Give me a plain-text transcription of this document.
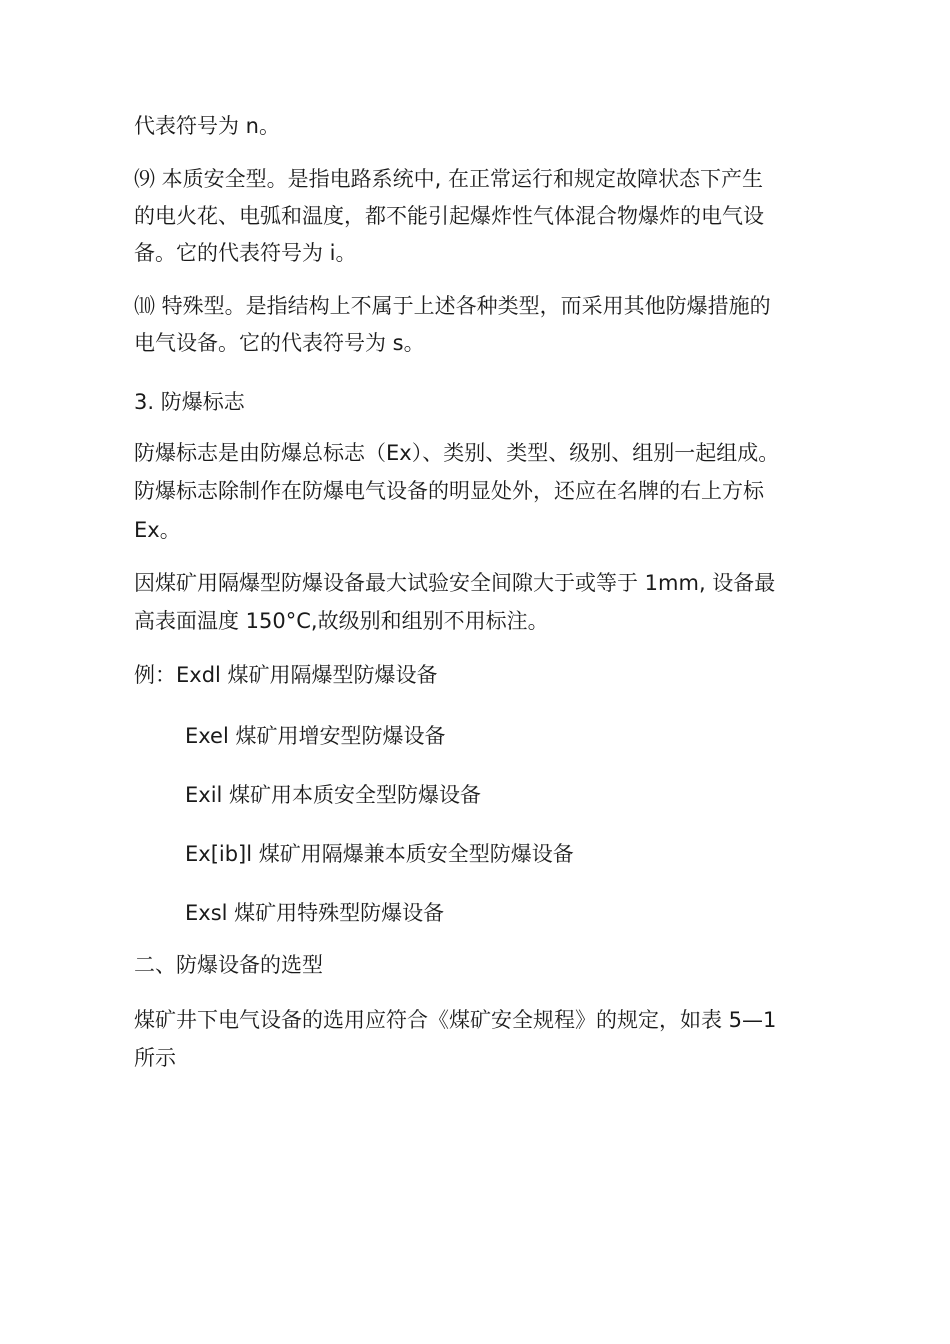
代表符号为 n。
⑼ 本质安全型。是指电路系统中, 在正常运行和规定故障状态下产生
的电火花、电弧和温度，都不能引起爆炸性气体混合物爆炸的电气设
备。它的代表符号为 i。
⑽ 特殊型。是指结构上不属于上述各种类型，而采用其他防爆措施的
电气设备。它的代表符号为 s。
3. 防爆标志
防爆标志是由防爆总标志（Ex）、类别、类型、级别、组别一起组成。
防爆标志除制作在防爆电气设备的明显处外，还应在名牌的右上方标
Ex。
因煤矿用隔爆型防爆设备最大试验安全间隙大于或等于 1mm, 设备最
高表面温度 150°C,故级别和组别不用标注。
例：Exdl 煤矿用隔爆型防爆设备
Exel 煤矿用增安型防爆设备
Exil 煤矿用本质安全型防爆设备
Ex[ib]l 煤矿用隔爆兼本质安全型防爆设备
Exsl 煤矿用特殊型防爆设备
二、防爆设备的选型
煤矿井下电气设备的选用应符合《煤矿安全规程》的规定，如表 5—1
所示
